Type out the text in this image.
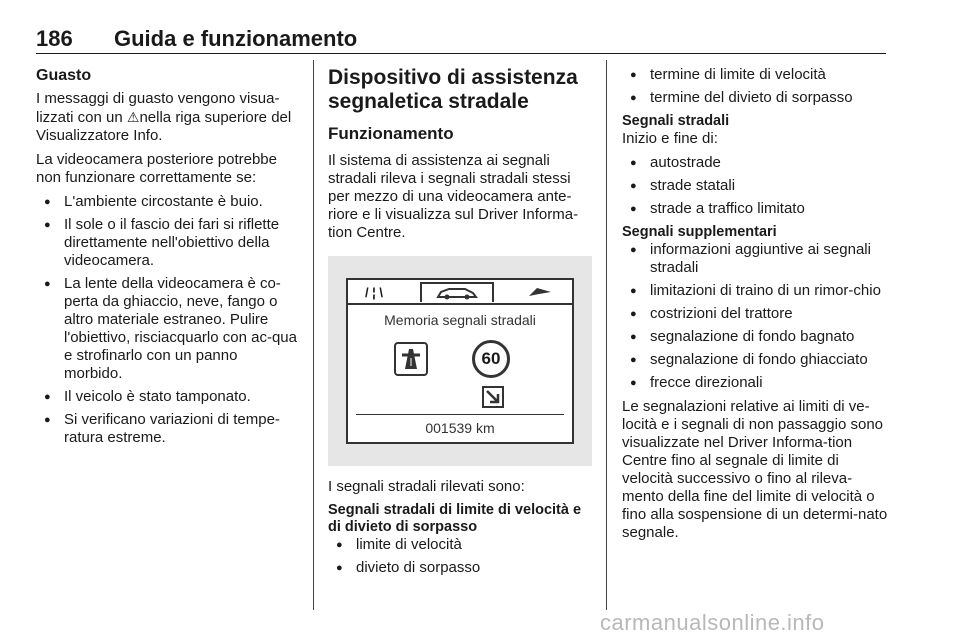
186 Guida e funzionamento
Guasto

I messaggi di guasto vengono visua-lizzati con un ⚠nella riga superiore del Visualizzatore Info.

La videocamera posteriore potrebbe non funzionare correttamente se:

● L'ambiente circostante è buio.
● Il sole o il fascio dei fari si riflette direttamente nell'obiettivo della videocamera.
● La lente della videocamera è co-perta da ghiaccio, neve, fango o altro materiale estraneo. Pulire l'obiettivo, risciacquarlo con ac-qua e strofinarlo con un panno morbido.
● Il veicolo è stato tamponato.
● Si verificano variazioni di tempe-ratura estreme.
Dispositivo di assistenza segnaletica stradale
Funzionamento

Il sistema di assistenza ai segnali stradali rileva i segnali stradali stessi per mezzo di una videocamera ante-riore e li visualizza sul Driver Informa-tion Centre.

/ ¦ \
Memoria segnali stradali
60
001539 km

I segnali stradali rilevati sono:

Segnali stradali di limite di velocità e di divieto di sorpasso
● limite di velocità
● divieto di sorpasso
● termine di limite di velocità
● termine del divieto di sorpasso
Segnali stradali

Inizio e fine di:

● autostrade
● strade statali
● strade a traffico limitato
Segnali supplementari
● informazioni aggiuntive ai segnali stradali
● limitazioni di traino di un rimor-chio
● costrizioni del trattore
● segnalazione di fondo bagnato
● segnalazione di fondo ghiacciato
● frecce direzionali

Le segnalazioni relative ai limiti di ve-locità e i segnali di non passaggio sono visualizzate nel Driver Informa-tion Centre fino al segnale di limite di velocità successivo o fino al rileva-mento della fine del limite di velocità o fino alla sospensione di un determi-nato segnale.

carmanualsonline.info
